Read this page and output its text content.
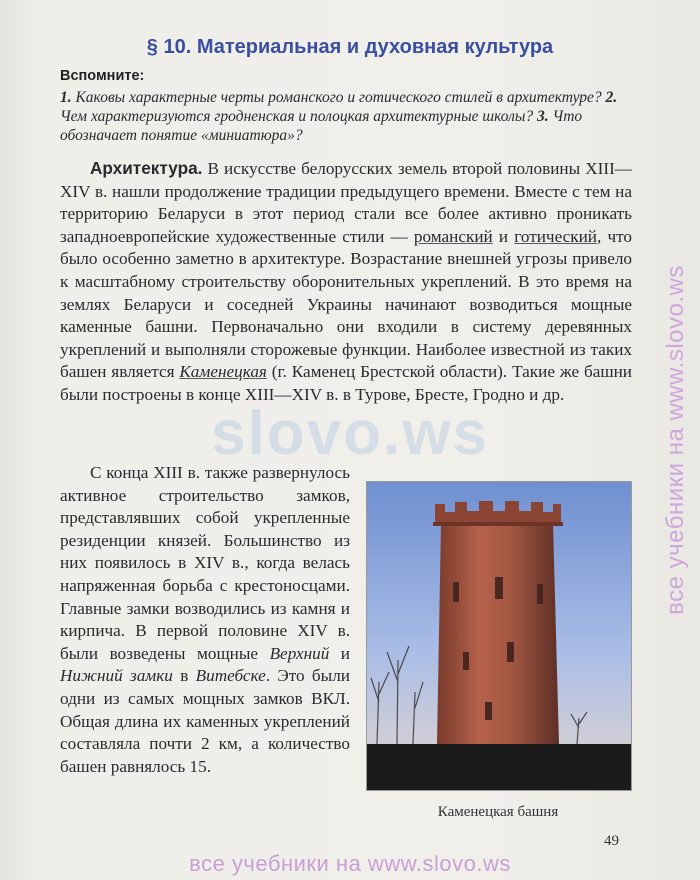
§ 10. Материальная и духовная культура
Вспомните:
1. Каковы характерные черты романского и готического стилей в архитектуре? 2. Чем характеризуются гродненская и полоцкая архитектурные школы? 3. Что обозначает понятие «миниатюра»?
Архитектура. В искусстве белорусских земель второй половины XIII—XIV в. нашли продолжение традиции предыдущего времени. Вместе с тем на территорию Беларуси в этот период стали все более активно проникать западноевропейские художественные стили — романский и готический, что было особенно заметно в архитектуре. Возрастание внешней угрозы привело к масштабному строительству оборонительных укреплений. В это время на землях Беларуси и соседней Украины начинают возводиться мощные каменные башни. Первоначально они входили в систему деревянных укреплений и выполняли сторожевые функции. Наиболее известной из таких башен является Каменецкая (г. Каменец Брестской области). Такие же башни были построены в конце XIII—XIV в. в Турове, Бресте, Гродно и др.
С конца XIII в. также развернулось активное строительство замков, представлявших собой укрепленные резиденции князей. Большинство из них появилось в XIV в., когда велась напряженная борьба с крестоносцами. Главные замки возводились из камня и кирпича. В первой половине XIV в. были возведены мощные Верхний и Нижний замки в Витебске. Это были одни из самых мощных замков ВКЛ. Общая длина их каменных укреплений составляла почти 2 км, а количество башен равнялось 15.
Каменецкая башня
49
slovo.ws
все учебники на www.slovo.ws
все учебники на www.slovo.ws
